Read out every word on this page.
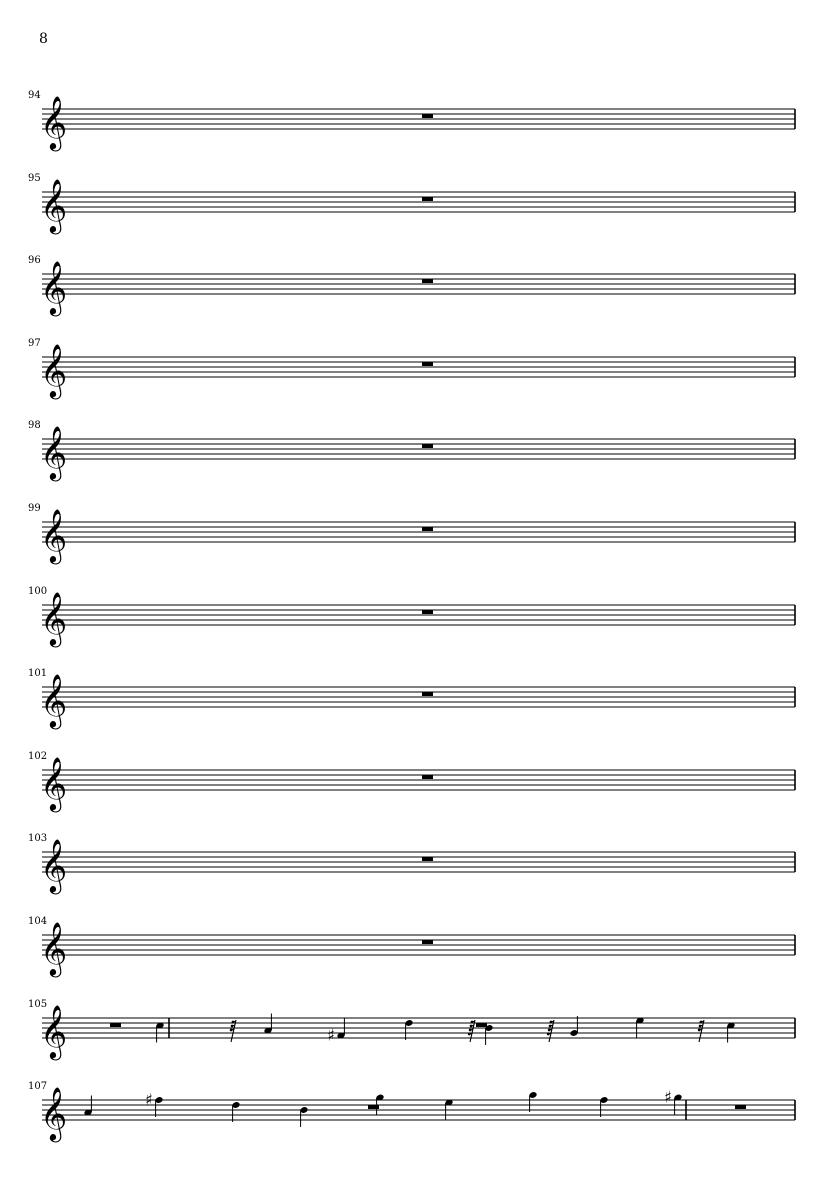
8
𝄞
94
𝄞
95
𝄞
96
𝄞
97
𝄞
98
𝄞
99
𝄞
100
𝄞
101
𝄞
102
𝄞
103
𝄞
104
𝄞
105
♯
𝄞
107
♯	♯
